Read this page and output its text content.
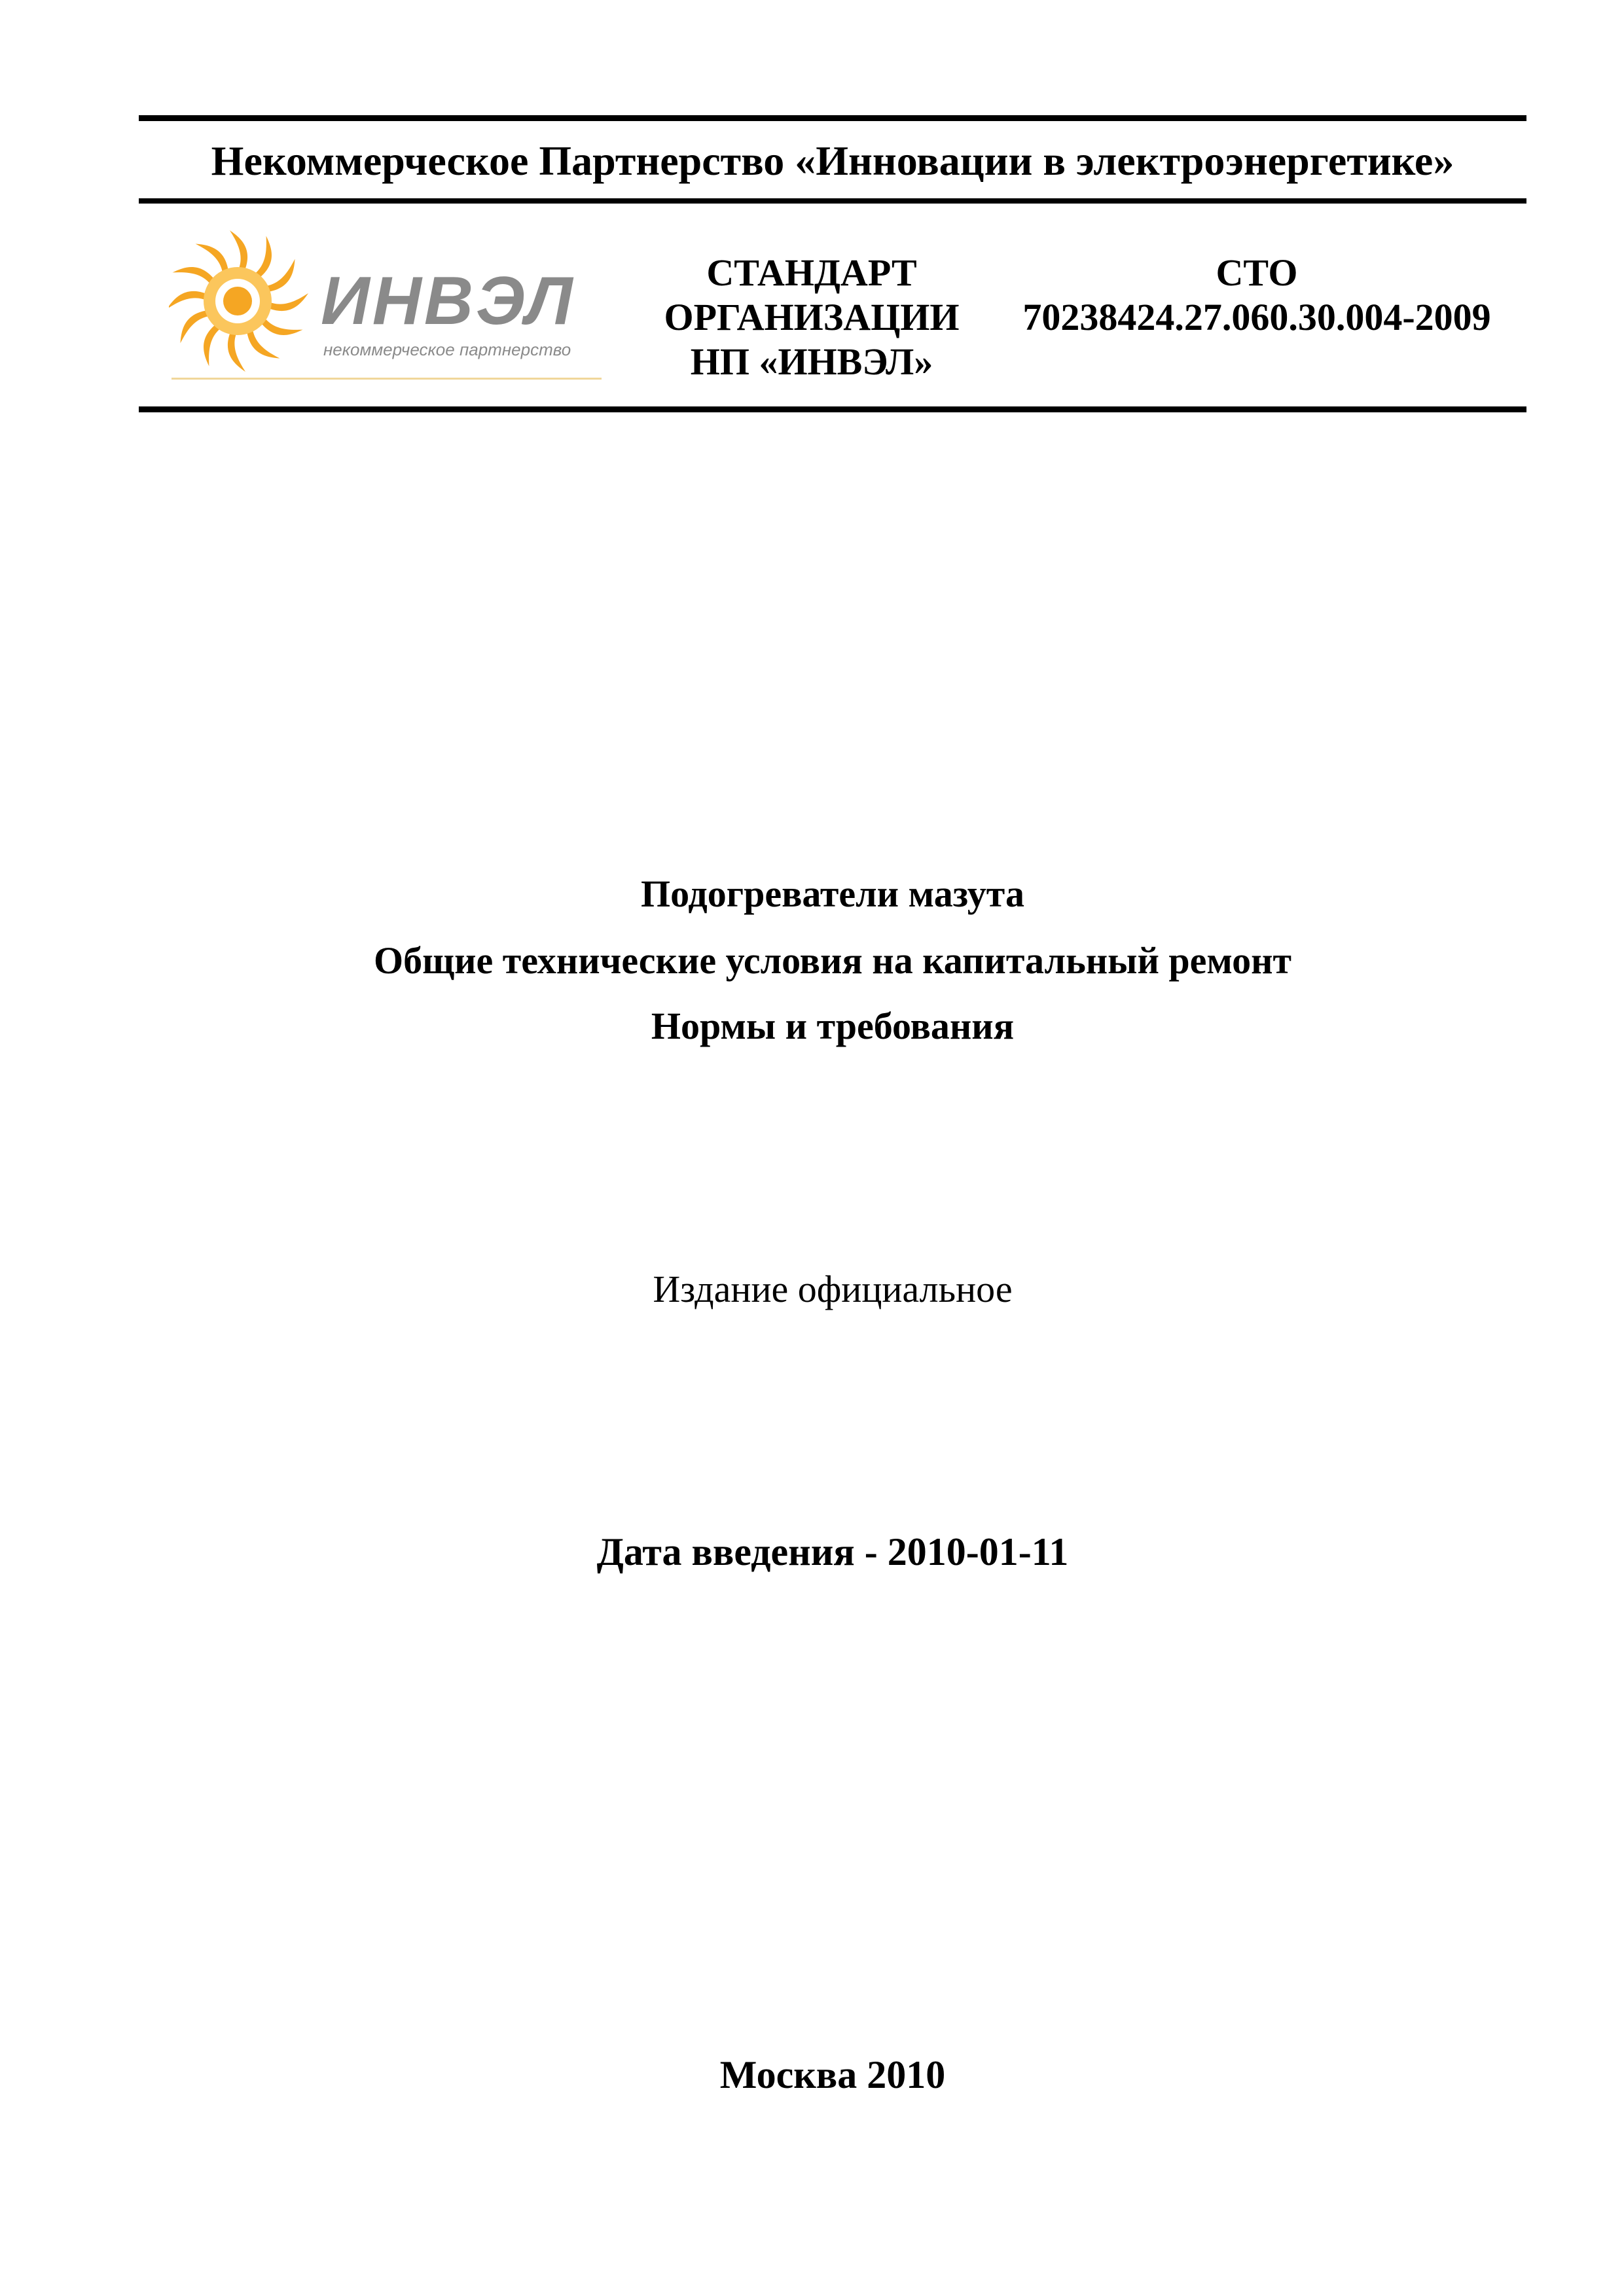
Некоммерческое Партнерство «Инновации в электроэнергетике»
ИНВЭЛ
некоммерческое партнерство
СТАНДАРТ
ОРГАНИЗАЦИИ
НП «ИНВЭЛ»
СТО
70238424.27.060.30.004-2009
Подогреватели мазута
Общие технические условия на капитальный ремонт
Нормы и требования
Издание официальное
Дата введения - 2010-01-11
Москва 2010
